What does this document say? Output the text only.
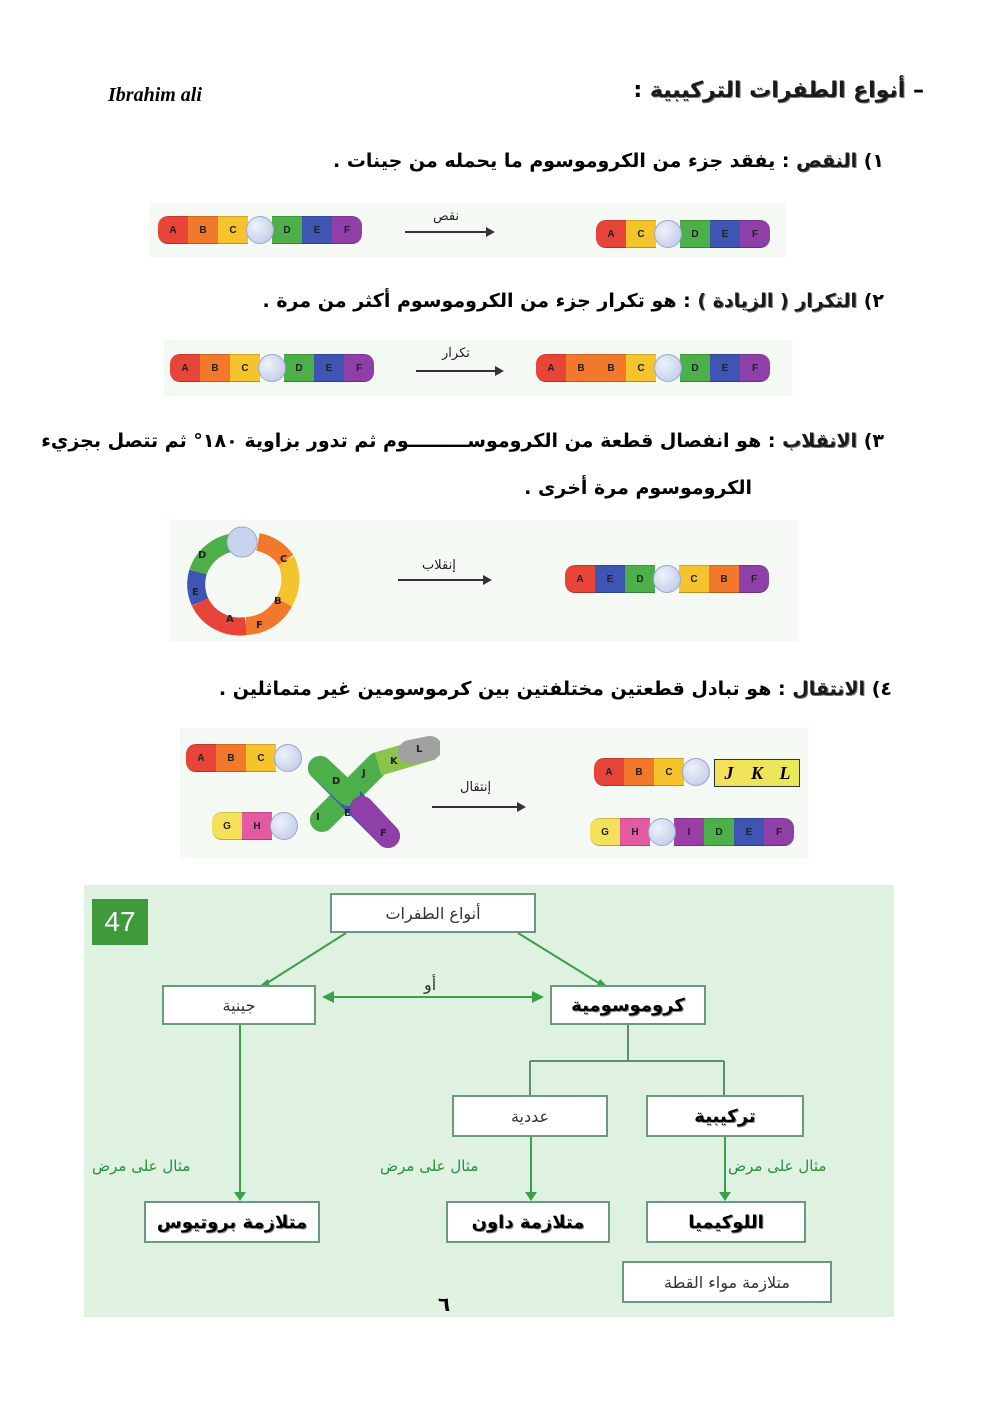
Ibrahim ali	– أنواع الطفرات التركيبية :
١) النقص : يفقد جزء من الكروموسوم ما يحمله من جينات .
A	B	C	D	E	F
نقص
A	C	D	E	F
٢) التكرار ( الزيادة ) : هو تكرار جزء من الكروموسوم أكثر من مرة .
A	B	C	D	E	F
تكرار
A	B	B	C	D	E	F
٣) الانقلاب : هو انفصال قطعة من الكروموســـــــــوم ثم تدور بزاوية ١٨٠° ثم تتصل بجزيء
الكروموسوم مرة أخرى .
D	C
E
B
A
F
إنقلاب
A	E	D	C	B	F
٤) الانتقال : هو تبادل قطعتين مختلفتين بين كرموسومين غير متماثلين .
A	B	C
G	H
D
J
K
L
I E
F
إنتقال
A	B	C	J K L
G	H	I	D	E	F
47	أنواع الطفرات
جينية	كروموسومية
أو
عددية	تركيبية
مثال على مرض	مثال على مرض	مثال على مرض
متلازمة بروتيوس	متلازمة داون	اللوكيميا
متلازمة مواء القطة
٦
